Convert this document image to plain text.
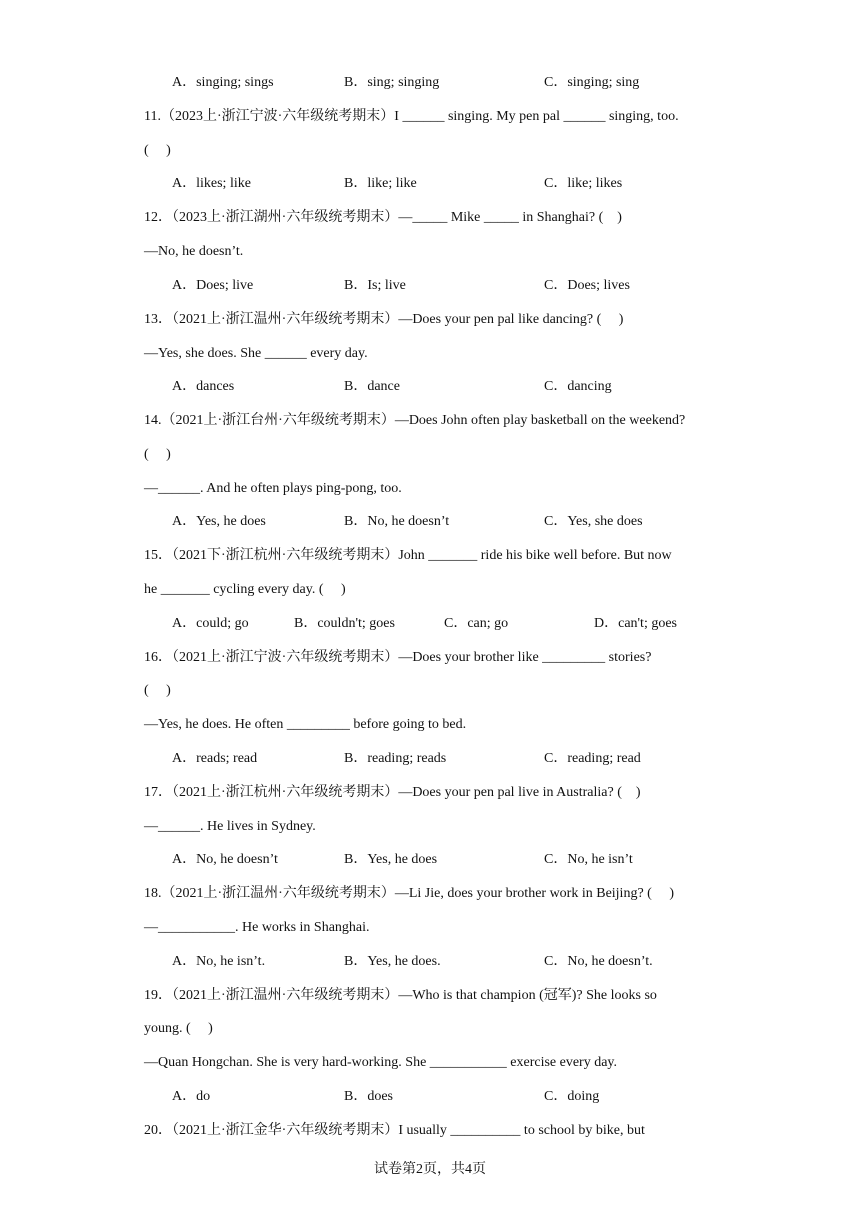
A．singing; sings	B．sing; singing	C．singing; sing
11.（2023上·浙江宁波·六年级统考期末）I ______ singing. My pen pal ______ singing, too.
(　 )
A．likes; like	B．like; like	C．like; likes
12．（2023上·浙江湖州·六年级统考期末）—_____ Mike _____ in Shanghai? (　)
—No, he doesn’t.
A．Does; live	B．Is; live	C．Does; lives
13．（2021上·浙江温州·六年级统考期末）—Does your pen pal like dancing? (　 )
—Yes, she does. She ______ every day.
A．dances	B．dance	C．dancing
14.（2021上·浙江台州·六年级统考期末）—Does John often play basketball on the weekend?
(　 )
—______. And he often plays ping-pong, too.
A．Yes, he does	B．No, he doesn’t	C．Yes, she does
15．（2021下·浙江杭州·六年级统考期末）John _______ ride his bike well before. But now
he _______ cycling every day. (　 )
A．could; go	B．couldn't; goes	C．can; go	D．can't; goes
16．（2021上·浙江宁波·六年级统考期末）—Does your brother like _________ stories?
(　 )
—Yes, he does. He often _________ before going to bed.
A．reads; read	B．reading; reads	C．reading; read
17．（2021上·浙江杭州·六年级统考期末）—Does your pen pal live in Australia? (　)
—______. He lives in Sydney.
A．No, he doesn’t	B．Yes, he does	C．No, he isn’t
18.（2021上·浙江温州·六年级统考期末）—Li Jie, does your brother work in Beijing? (　 )
—___________. He works in Shanghai.
A．No, he isn’t.	B．Yes, he does.	C．No, he doesn’t.
19．（2021上·浙江温州·六年级统考期末）—Who is that champion (冠军)? She looks so
young. (　 )
—Quan Hongchan. She is very hard-working. She ___________ exercise every day.
A．do	B．does	C．doing
20．（2021上·浙江金华·六年级统考期末）I usually __________ to school by bike, but
试卷第2页，共4页
